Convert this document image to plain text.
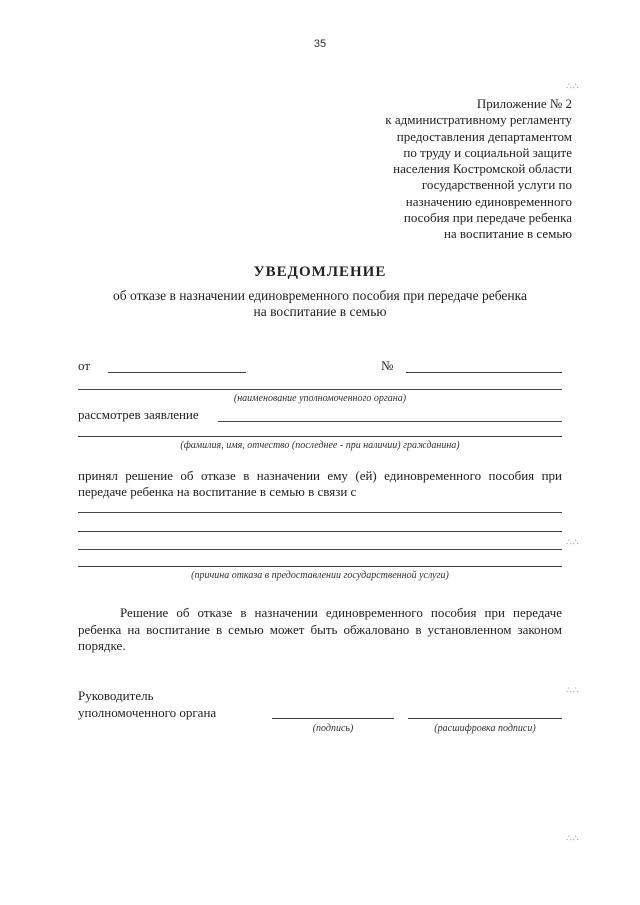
35
Приложение № 2
к административному регламенту
предоставления департаментом
по труду и социальной защите
населения Костромской области
государственной услуги по
назначению единовременного
пособия при передаче ребенка
на воспитание в семью
УВЕДОМЛЕНИЕ
об отказе в назначении единовременного пособия при передаче ребенка
на воспитание в семью
от	№
(наименование уполномоченного органа)
рассмотрев заявление
(фамилия, имя, отчество (последнее - при наличии) гражданина)
принял решение об отказе в назначении ему (ей) единовременного пособия при передаче ребенка на воспитание в семью в связи с
(причина отказа в предоставлении государственной услуги)
Решение об отказе в назначении единовременного пособия при передаче ребенка на воспитание в семью может быть обжаловано в установленном законом порядке.
Руководитель
уполномоченного органа
(подпись)	(расшифровка подписи)
∴∴
∴∴
∴∴
∴∴
